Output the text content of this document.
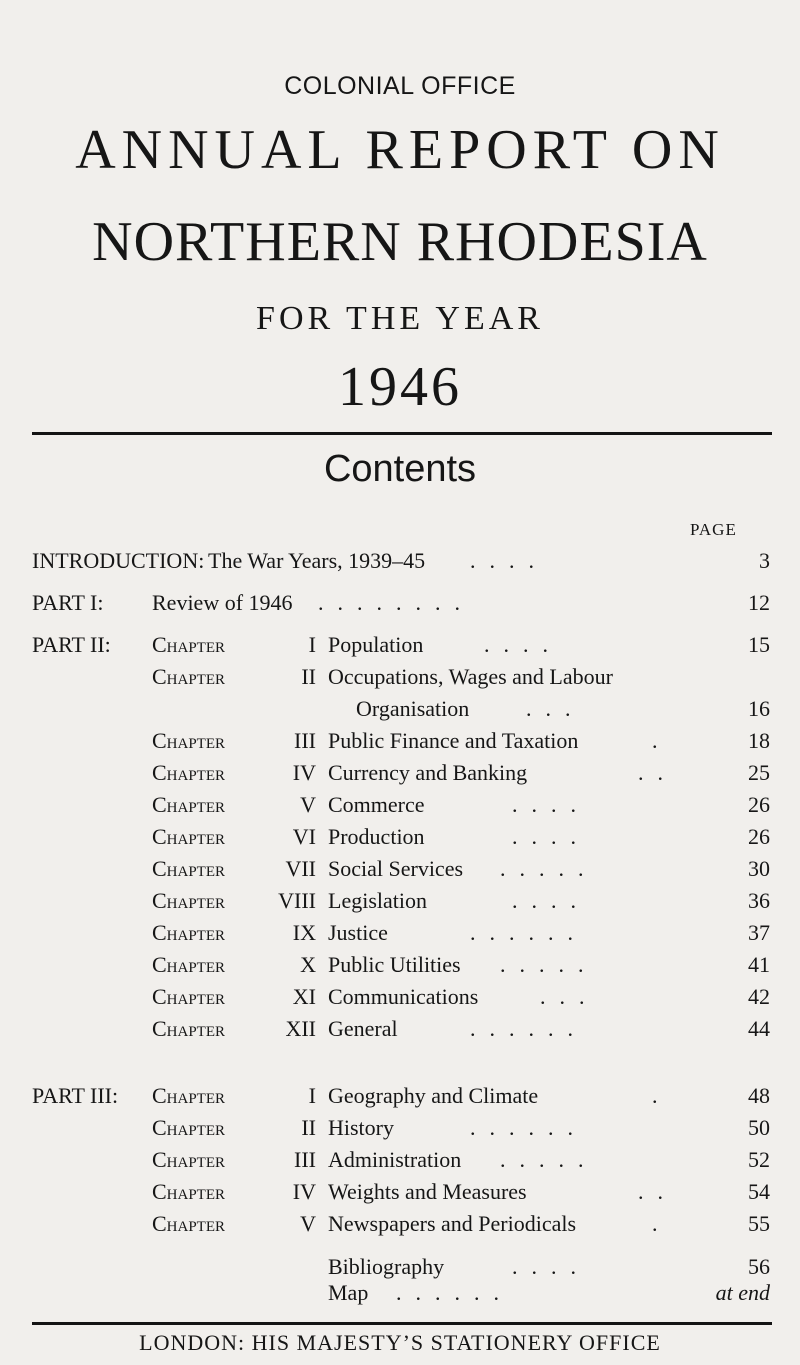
COLONIAL OFFICE
ANNUAL REPORT ON
NORTHERN RHODESIA
FOR THE YEAR
1946
Contents
PAGE
INTRODUCTION: The War Years, 1939–45 ....	3
PART I: Review of 1946 ........	12
PART II: Chapter	I Population	....	15
Chapter	II Occupations, Wages and Labour
Organisation	...	16
Chapter	III Public Finance and Taxation	.	18
Chapter	IV Currency and Banking	..	25
Chapter	V Commerce	....	26
Chapter	VI Production	....	26
Chapter	VII Social Services .....	30
Chapter VIII Legislation	....	36
Chapter	IX Justice	......	37
Chapter	X Public Utilities .....	41
Chapter	XI Communications	...	42
Chapter	XII General	......	44
PART III: Chapter	I Geography and Climate	.	48
Chapter	II History	......	50
Chapter	III Administration .....	52
Chapter	IV Weights and Measures	..	54
Chapter	V Newspapers and Periodicals	.	55
Bibliography	....	56
Map ......	at end
LONDON: HIS MAJESTY’S STATIONERY OFFICE
